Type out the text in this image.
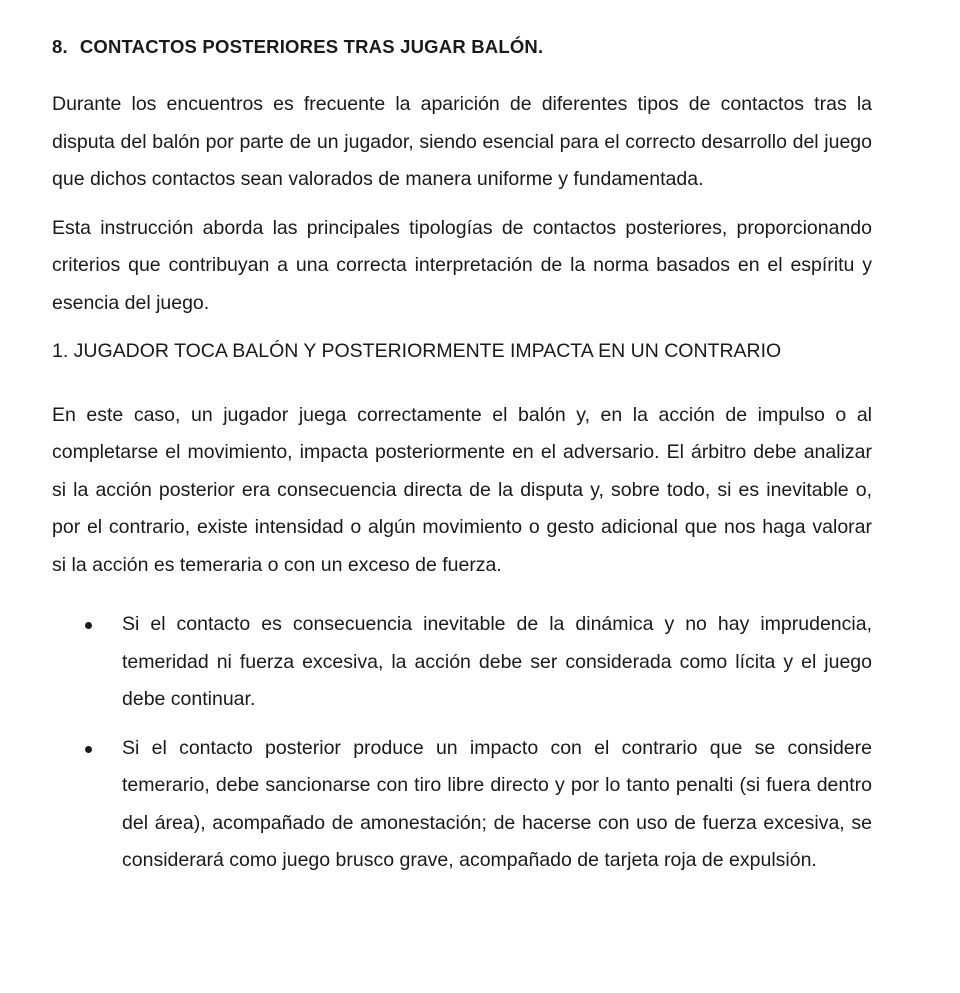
8. CONTACTOS POSTERIORES TRAS JUGAR BALÓN.

Durante los encuentros es frecuente la aparición de diferentes tipos de contactos tras la disputa del balón por parte de un jugador, siendo esencial para el correcto desarrollo del juego que dichos contactos sean valorados de manera uniforme y fundamentada.

Esta instrucción aborda las principales tipologías de contactos posteriores, proporcionando criterios que contribuyan a una correcta interpretación de la norma basados en el espíritu y esencia del juego.

1. JUGADOR TOCA BALÓN Y POSTERIORMENTE IMPACTA EN UN CONTRARIO

En este caso, un jugador juega correctamente el balón y, en la acción de impulso o al completarse el movimiento, impacta posteriormente en el adversario. El árbitro debe analizar si la acción posterior era consecuencia directa de la disputa y, sobre todo, si es inevitable o, por el contrario, existe intensidad o algún movimiento o gesto adicional que nos haga valorar si la acción es temeraria o con un exceso de fuerza.

Si el contacto es consecuencia inevitable de la dinámica y no hay imprudencia, temeridad ni fuerza excesiva, la acción debe ser considerada como lícita y el juego debe continuar.
Si el contacto posterior produce un impacto con el contrario que se considere temerario, debe sancionarse con tiro libre directo y por lo tanto penalti (si fuera dentro del área), acompañado de amonestación; de hacerse con uso de fuerza excesiva, se considerará como juego brusco grave, acompañado de tarjeta roja de expulsión.
